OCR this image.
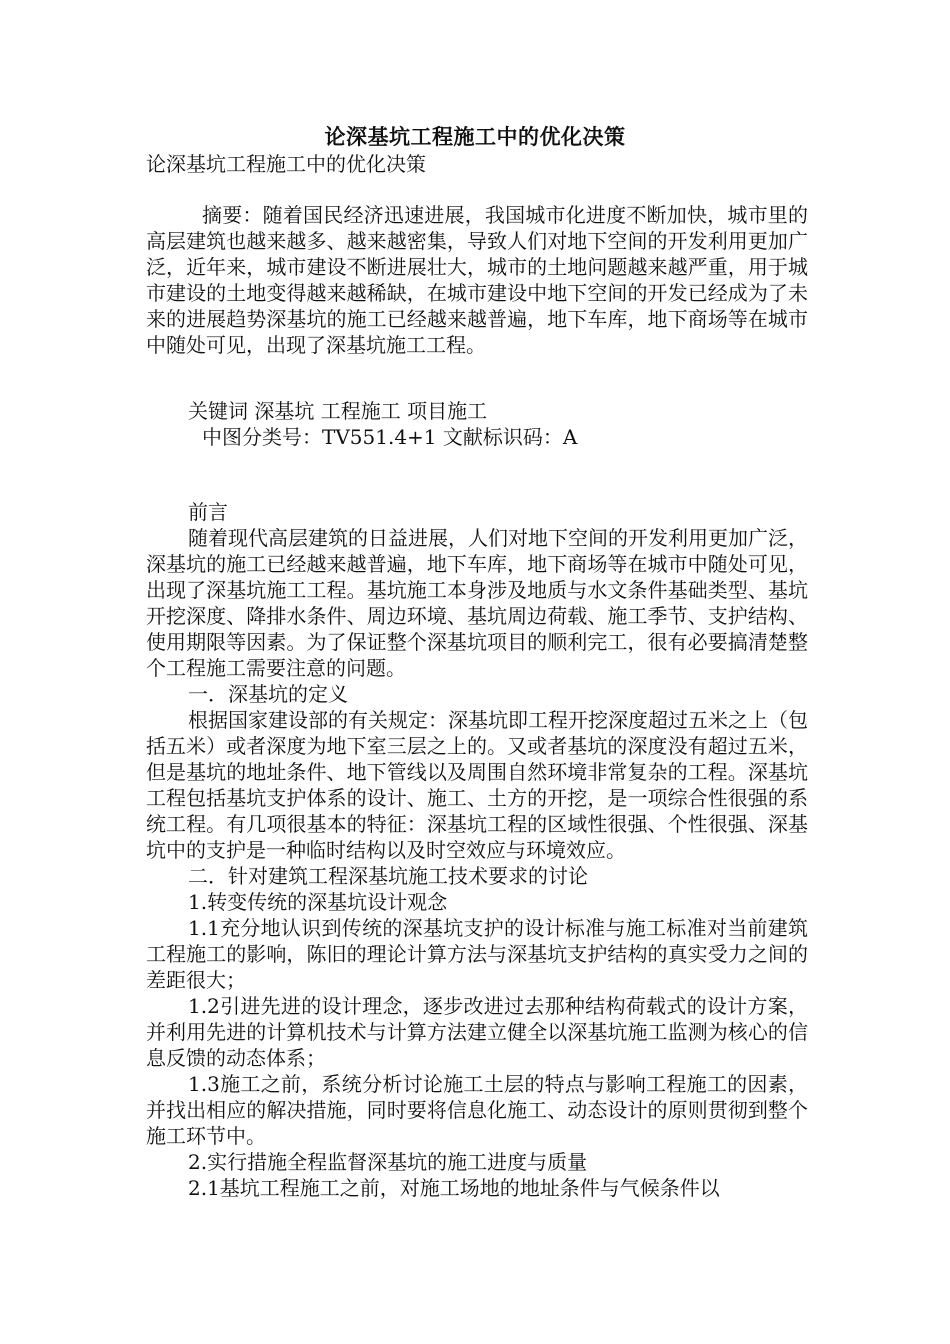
论深基坑工程施工中的优化决策
论深基坑工程施工中的优化决策

摘要：随着国民经济迅速进展，我国城市化进度不断加快，城市里的高层建筑也越来越多、越来越密集，导致人们对地下空间的开发利用更加广泛，近年来，城市建设不断进展壮大，城市的土地问题越来越严重，用于城市建设的土地变得越来越稀缺，在城市建设中地下空间的开发已经成为了未来的进展趋势深基坑的施工已经越来越普遍，地下车库，地下商场等在城市中随处可见，出现了深基坑施工工程。

关键词 深基坑 工程施工 项目施工

中图分类号：TV551.4+1 文献标识码：A

前言

随着现代高层建筑的日益进展，人们对地下空间的开发利用更加广泛，深基坑的施工已经越来越普遍，地下车库，地下商场等在城市中随处可见，出现了深基坑施工工程。基坑施工本身涉及地质与水文条件基础类型、基坑开挖深度、降排水条件、周边环境、基坑周边荷载、施工季节、支护结构、使用期限等因素。为了保证整个深基坑项目的顺利完工，很有必要搞清楚整个工程施工需要注意的问题。

一．深基坑的定义

根据国家建设部的有关规定：深基坑即工程开挖深度超过五米之上（包括五米）或者深度为地下室三层之上的。又或者基坑的深度没有超过五米，但是基坑的地址条件、地下管线以及周围自然环境非常复杂的工程。深基坑工程包括基坑支护体系的设计、施工、土方的开挖，是一项综合性很强的系统工程。有几项很基本的特征：深基坑工程的区域性很强、个性很强、深基坑中的支护是一种临时结构以及时空效应与环境效应。

二．针对建筑工程深基坑施工技术要求的讨论

1.转变传统的深基坑设计观念

1.1充分地认识到传统的深基坑支护的设计标准与施工标准对当前建筑工程施工的影响，陈旧的理论计算方法与深基坑支护结构的真实受力之间的差距很大；

1.2引进先进的设计理念，逐步改进过去那种结构荷载式的设计方案，并利用先进的计算机技术与计算方法建立健全以深基坑施工监测为核心的信息反馈的动态体系；

1.3施工之前，系统分析讨论施工土层的特点与影响工程施工的因素，并找出相应的解决措施，同时要将信息化施工、动态设计的原则贯彻到整个施工环节中。

2.实行措施全程监督深基坑的施工进度与质量

2.1基坑工程施工之前，对施工场地的地址条件与气候条件以
